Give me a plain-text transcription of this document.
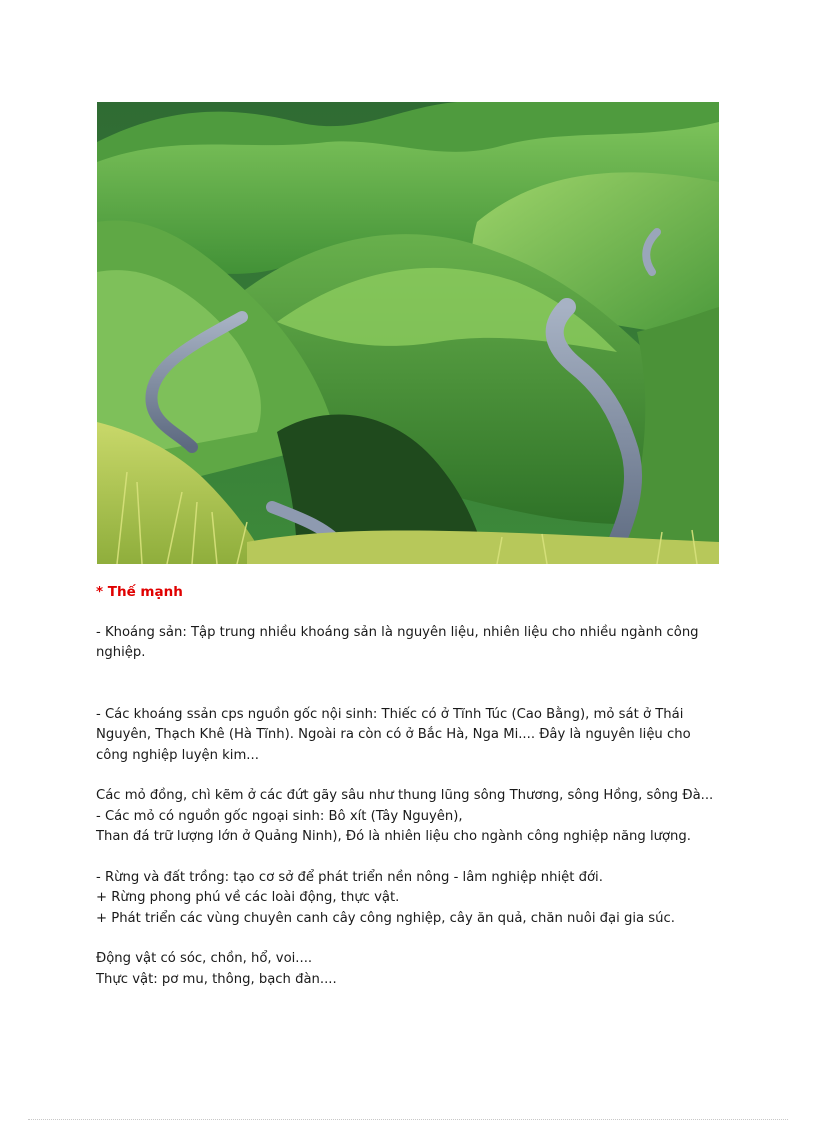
* Thế mạnh

- Khoáng sản: Tập trung nhiều khoáng sản là nguyên liệu, nhiên liệu cho nhiều ngành công nghiệp.

- Các khoáng ssản cps nguồn gốc nội sinh: Thiếc có ở Tĩnh Túc (Cao Bằng), mỏ sát ở Thái Nguyên, Thạch Khê (Hà Tĩnh). Ngoài ra còn có ở Bắc Hà, Nga Mi.... Đây là nguyên liệu cho công nghiệp luyện kim...

Các mỏ đồng, chì kẽm ở các đứt gãy sâu như thung lũng sông Thương, sông Hồng, sông Đà...

- Các mỏ có nguồn gốc ngoại sinh: Bô xít (Tây Nguyên),

Than đá trữ lượng lớn ở Quảng Ninh), Đó là nhiên liệu cho ngành công nghiệp năng lượng.

- Rừng và đất trồng: tạo cơ sở để phát triển nền nông - lâm nghiệp nhiệt đới.

+ Rừng phong phú về các loài động, thực vật.

+ Phát triển các vùng chuyên canh cây công nghiệp, cây ăn quả, chăn nuôi đại gia súc.

Động vật có sóc, chồn, hổ, voi....

Thực vật: pơ mu, thông, bạch đàn....
